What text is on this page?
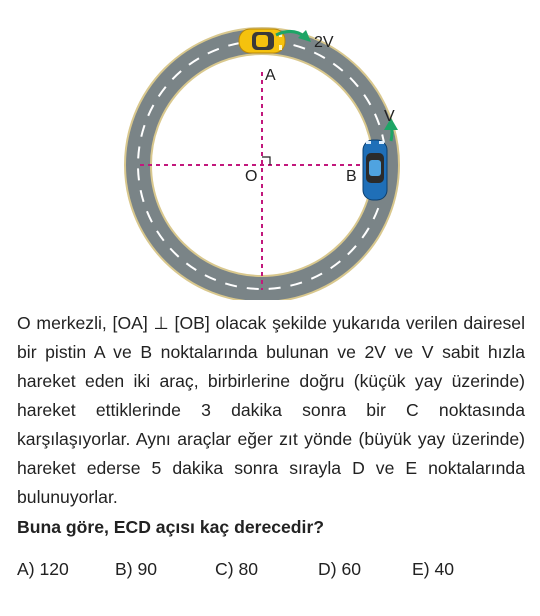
2V
V
A
B
O

O merkezli, [OA] ⊥ [OB] olacak şekilde yukarıda verilen dairesel bir pistin A ve B noktalarında bulunan ve 2V ve V sabit hızla hareket eden iki araç, birbirlerine doğru (küçük yay üzerinde) hareket ettiklerinde 3 dakika sonra bir C noktasında karşılaşıyorlar. Aynı araçlar eğer zıt yönde (büyük yay üzerinde) hareket ederse 5 dakika sonra sırayla D ve E noktalarında bulunuyorlar.

Buna göre, ECD açısı kaç derecedir?
A) 120	B) 90	C) 80	D) 60	E) 40
